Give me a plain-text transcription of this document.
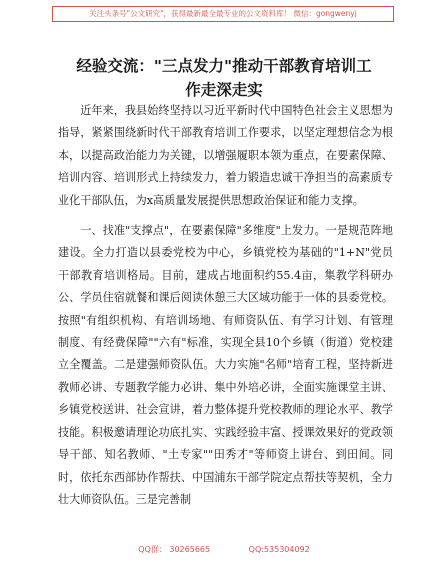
关注头条号"公文研究"，获得最新最全最专业的公文资料库！ 微信：gongwenyj
经验交流："三点发力"推动干部教育培训工
作走深走实

近年来，我县始终坚持以习近平新时代中国特色社会主义思想为指导，紧紧围绕新时代干部教育培训工作要求，以坚定理想信念为根本，以提高政治能力为关键，以增强履职本领为重点，在要素保障、培训内容、培训形式上持续发力，着力锻造忠诚干净担当的高素质专业化干部队伍，为x高质量发展提供思想政治保证和能力支撑。

一、找准"支撑点"，在要素保障"多维度"上发力。一是规范阵地建设。全力打造以县委党校为中心，乡镇党校为基础的"1+N"党员干部教育培训格局。目前，建成占地面积约55.4亩，集教学科研办公、学员住宿就餐和课后阅读休憩三大区域功能于一体的县委党校。按照"有组织机构、有培训场地、有师资队伍、有学习计划、有管理制度、有经费保障""六有"标准，实现全县10个乡镇（街道）党校建立全覆盖。二是建强师资队伍。大力实施"名师"培育工程，坚持新进教师必讲、专题教学能力必讲、集中外培必讲，全面实施课堂主讲、乡镇党校送讲、社会宣讲，着力整体提升党校教师的理论水平、教学技能。积极邀请理论功底扎实、实践经验丰富、授课效果好的党政领导干部、知名教师、"土专家""田秀才"等师资上讲台、到田间。同时，依托东西部协作帮扶、中国浦东干部学院定点帮扶等契机，全力壮大师资队伍。三是完善制

QQ群： 30265665	QQ:535304092
